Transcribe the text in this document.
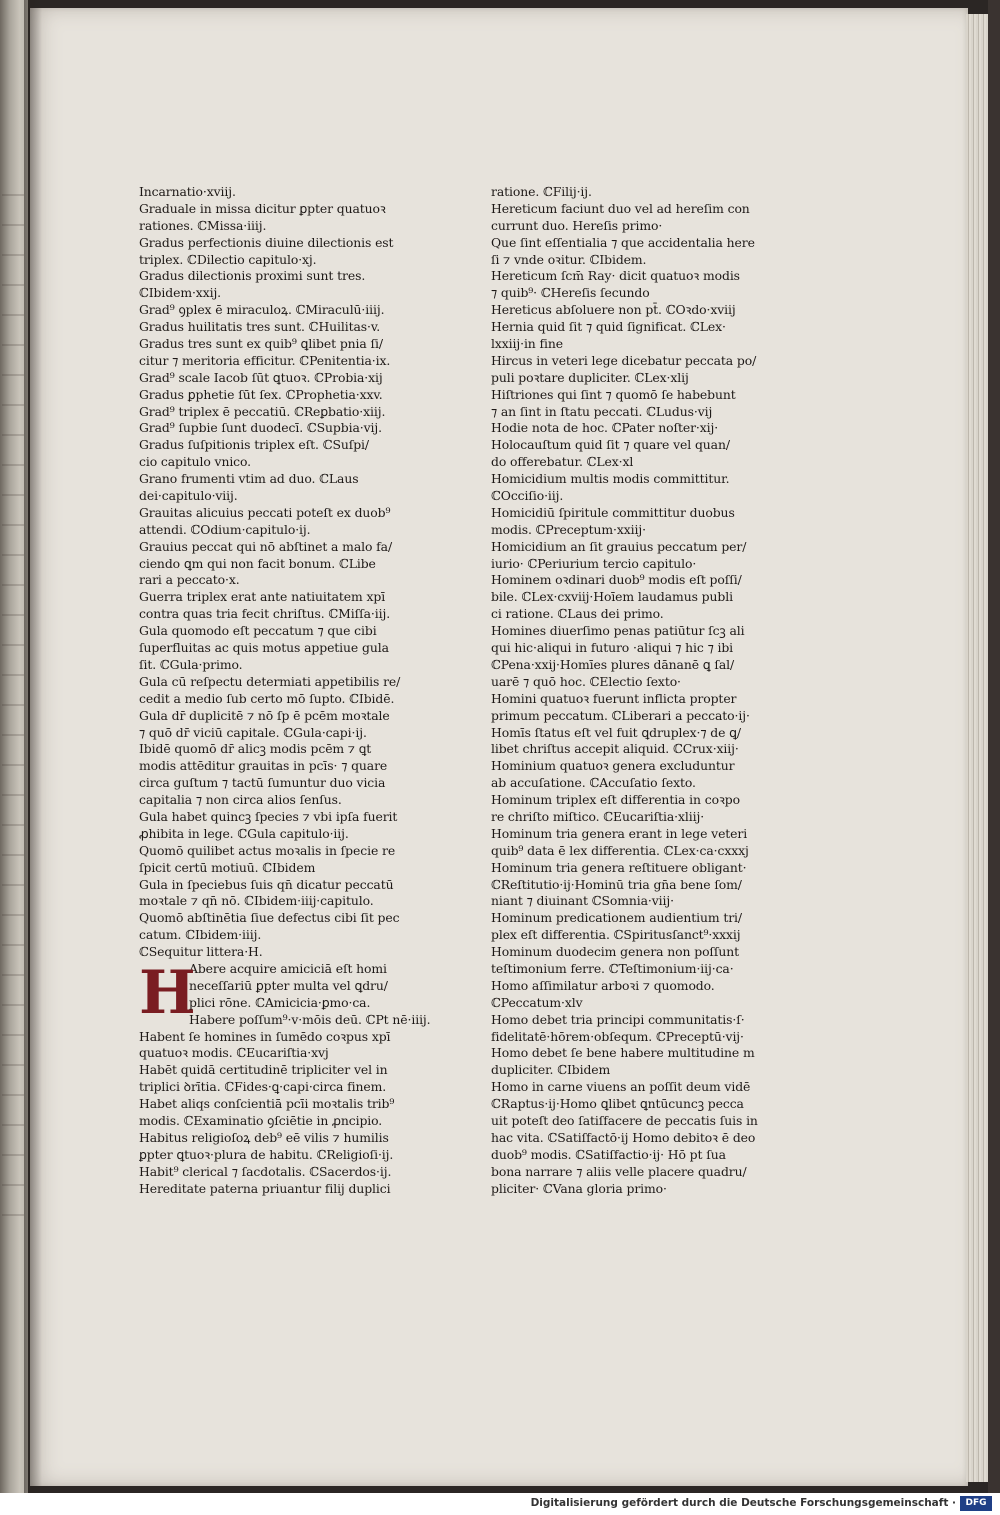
Incarnatio·xviij.
Graduale in missa dicitur ꝑpter quatuoꝛ
rationes. ℂMissa·iiij.
Gradus perfectionis diuine dilectionis est
triplex. ℂDilectio capitulo·xj.
Gradus dilectionis proximi sunt tres.
ℂIbidem·xxij.
Grad⁹ ꝯplex ē miraculoꝝ. ℂMiraculū·iiij.
Gradus huilitatis tres sunt. ℂHuilitas·v.
Gradus tres sunt ex quib⁹ ꝗlibet pnia ſi/
citur ⁊ meritoria efficitur. ℂPenitentia·ix.
Grad⁹ scale Iacob ſūt ꝗtuoꝛ. ℂProbia·xij
Gradus ꝑphetie ſūt ſex. ℂProphetia·xxv.
Grad⁹ triplex ē peccatiū. ℂReꝑbatio·xiij.
Grad⁹ ſupbie ſunt duodecī. ℂSupbia·vij.
Gradus ſuſpitionis triplex eſt. ℂSuſpi/
cio capitulo vnico.
Grano frumenti vtim ad duo. ℂLaus
dei·capitulo·viij.
Grauitas alicuius peccati poteſt ex duob⁹
attendi. ℂOdium·capitulo·ij.
Grauius peccat qui nō abſtinet a malo fa/
ciendo ꝗm qui non facit bonum. ℂLibe
rari a peccato·x.
Guerra triplex erat ante natiuitatem xpī
contra quas tria fecit chriſtus. ℂMiſſa·iij.
Gula quomodo eſt peccatum ⁊ que cibi
ſuperfluitas ac quis motus appetiue gula
ſit. ℂGula·primo.
Gula cū reſpectu determiati appetibilis re/
cedit a medio ſub certo mō ſupto. ℂIbidē.
Gula dr̄ duplicitē ⁊ nō ſp ē pcēm moꝛtale
⁊ quō dr̄ viciū capitale. ℂGula·capi·ij.
Ibidē quomō dr̄ alicꝫ modis pcēm ⁊ ꝗt
modis attēditur grauitas in pcīs· ⁊ quare
circa guſtum ⁊ tactū ſumuntur duo vicia
capitalia ⁊ non circa alios ſenſus.
Gula habet quincꝫ ſpecies ⁊ vbi ipſa fuerit
ꝓhibita in lege. ℂGula capitulo·iij.
Quomō quilibet actus moꝛalis in ſpecie re
ſpicit certū motiuū. ℂIbidem
Gula in ſpeciebus ſuis qn̄ dicatur peccatū
moꝛtale ⁊ qn̄ nō. ℂIbidem·iiij·capitulo.
Quomō abſtinētia ſiue defectus cibi ſit pec
catum. ℂIbidem·iiij.
ℂSequitur littera·H.
H
Abere acquire amiciciā eſt homi
neceſſariū ꝑpter multa vel ꝗdru/
plici rōne. ℂAmicicia·ꝑmo·ca.
Habere poſſum⁹·v·mōis deū. ℂPt nē·iiij.
Habent ſe homines in ſumēdo coꝛpus xpī
quatuoꝛ modis. ℂEucariſtia·xvj
Habēt quidā certitudinē tripliciter vel in
triplici ꝺrītia. ℂFides·ꝗ·capi·circa finem.
Habet aliqs conſcientiā pcīi moꝛtalis trib⁹
modis. ℂExaminatio ꝯſciētie in ꝓncipio.
Habitus religioſoꝝ deb⁹ eē vilis ⁊ humilis
ꝑpter ꝗtuoꝛ·plura de habitu. ℂReligioſi·ij.
Habit⁹ clerical ⁊ ſacdotalis. ℂSacerdos·ij.
Hereditate paterna priuantur filij duplici
ratione. ℂFilij·ij.
Hereticum faciunt duo vel ad hereſim con
currunt duo. Hereſis primo·
Que ſint eſſentialia ⁊ que accidentalia here
ſi ⁊ vnde oꝛitur. ℂIbidem.
Hereticum ſcm̄ Ray· dicit quatuoꝛ modis
⁊ quib⁹· ℂHereſis ſecundo
Hereticus abſoluere non pt̄. ℂOꝛdo·xviij
Hernia quid ſit ⁊ quid ſignificat. ℂLex·
lxxiij·in fine
Hircus in veteri lege dicebatur peccata po/
puli poꝛtare dupliciter. ℂLex·xlij
Hiſtriones qui ſint ⁊ quomō ſe habebunt
⁊ an ſint in ſtatu peccati. ℂLudus·vij
Hodie nota de hoc. ℂPater noſter·xij·
Holocauſtum quid ſit ⁊ quare vel quan/
do offerebatur. ℂLex·xl
Homicidium multis modis committitur.
ℂOcciſio·iij.
Homicidiū ſpiritule committitur duobus
modis. ℂPreceptum·xxiij·
Homicidium an ſit grauius peccatum per/
iurio· ℂPeriurium tercio capitulo·
Hominem oꝛdinari duob⁹ modis eſt poſſi/
bile. ℂLex·cxviij·Hoīem laudamus publi
ci ratione. ℂLaus dei primo.
Homines diuerſimo penas patiūtur ſcꝫ ali
qui hic·aliqui in futuro ·aliqui ⁊ hic ⁊ ibi
ℂPena·xxij·Homīes plures dānanē ꝗ ſal/
uarē ⁊ quō hoc. ℂElectio ſexto·
Homini quatuoꝛ fuerunt inflicta propter
primum peccatum. ℂLiberari a peccato·ij·
Homīs ſtatus eſt vel fuit ꝗdruplex·⁊ de ꝗ/
libet chriſtus accepit aliquid. ℂCrux·xiij·
Hominium quatuoꝛ genera excluduntur
ab accuſatione. ℂAccuſatio ſexto.
Hominum triplex eſt differentia in coꝛpo
re chriſto miſtico. ℂEucariſtia·xliij·
Hominum tria genera erant in lege veteri
quib⁹ data ē lex differentia. ℂLex·ca·cxxxj
Hominum tria genera reſtituere obligant·
ℂReſtitutio·ij·Hominū tria gn̄a bene ſom/
niant ⁊ diuinant ℂSomnia·viij·
Hominum predicationem audientium tri/
plex eſt differentia. ℂSpiritusſanct⁹·xxxij
Hominum duodecim genera non poſſunt
teſtimonium ferre. ℂTeſtimonium·iij·ca·
Homo aſſimilatur arboꝛi ⁊ quomodo.
ℂPeccatum·xlv
Homo debet tria principi communitatis·ſ·
fidelitatē·hōrem·obſequm. ℂPreceptū·vij·
Homo debet ſe bene habere multitudine m
dupliciter. ℂIbidem
Homo in carne viuens an poſſit deum vidē
ℂRaptus·ij·Homo ꝗlibet ꝗntūcuncꝫ pecca
uit poteſt deo ſatiſfacere de peccatis ſuis in
hac vita. ℂSatiſfactō·ij Homo debitoꝛ ē deo
duob⁹ modis. ℂSatiſfactio·ij· Hō pt ſua
bona narrare ⁊ aliis velle placere quadru/
pliciter· ℂVana gloria primo·
Digitalisierung gefördert durch die Deutsche Forschungsgemeinschaft ·	DFG
